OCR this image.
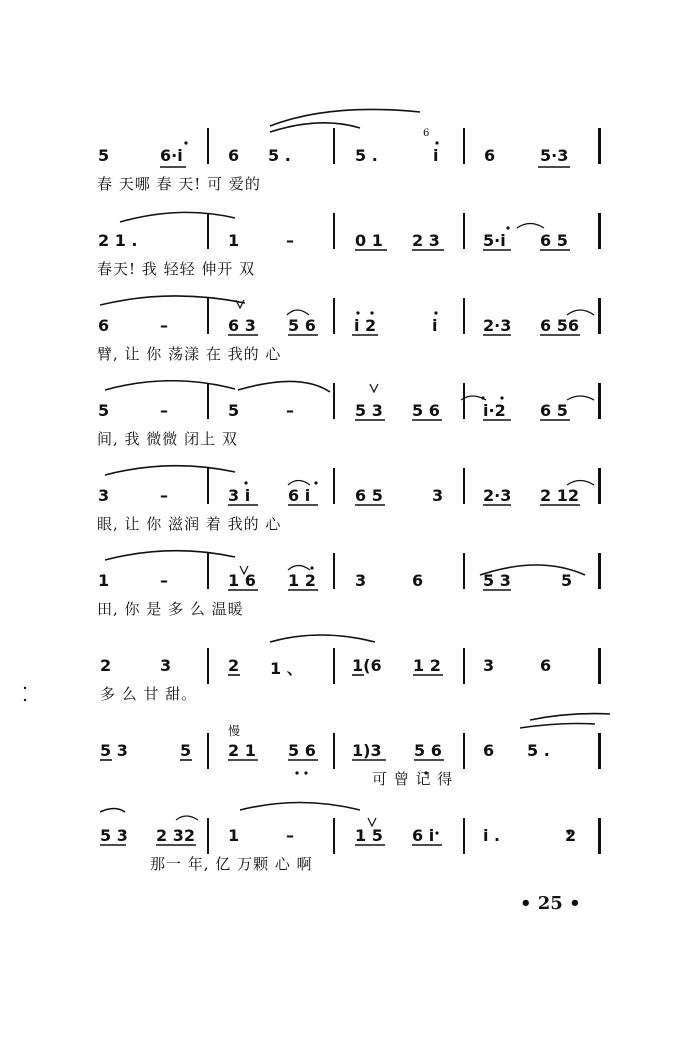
5	6·i	6 5 .	5 .
6
i	6	5·3
春 天哪 春 天! 可 爱的
2 1 .	1	–	0 1 2 3	5·i 6 5
春天! 我 轻轻 伸开 双
6	–	6 3 5 6 i 2	i	2·3 6 56
臂, 让 你 荡漾 在 我的 心
5	–	5	–	5 3 5 6	i·2 6 5
间, 我 微微 闭上 双
3	–	3 i 6 i	6 5	3 2·3 2 12
眼, 让 你 滋润 着 我的 心
1	–	1 6 1 2 3	6	5 3	5
田, 你 是 多 么 温暖
2	3	2 1 、	1(6 1 2	3	6
多 么 甘 甜。
慢
5 3	5 2 1 5 6 1)3 5 6	6 5 .
可 曾 记 得
5 3 2 32 1	–	1 5 6 i	i .	2
那一 年, 亿 万颗 心 啊
• 25 •
